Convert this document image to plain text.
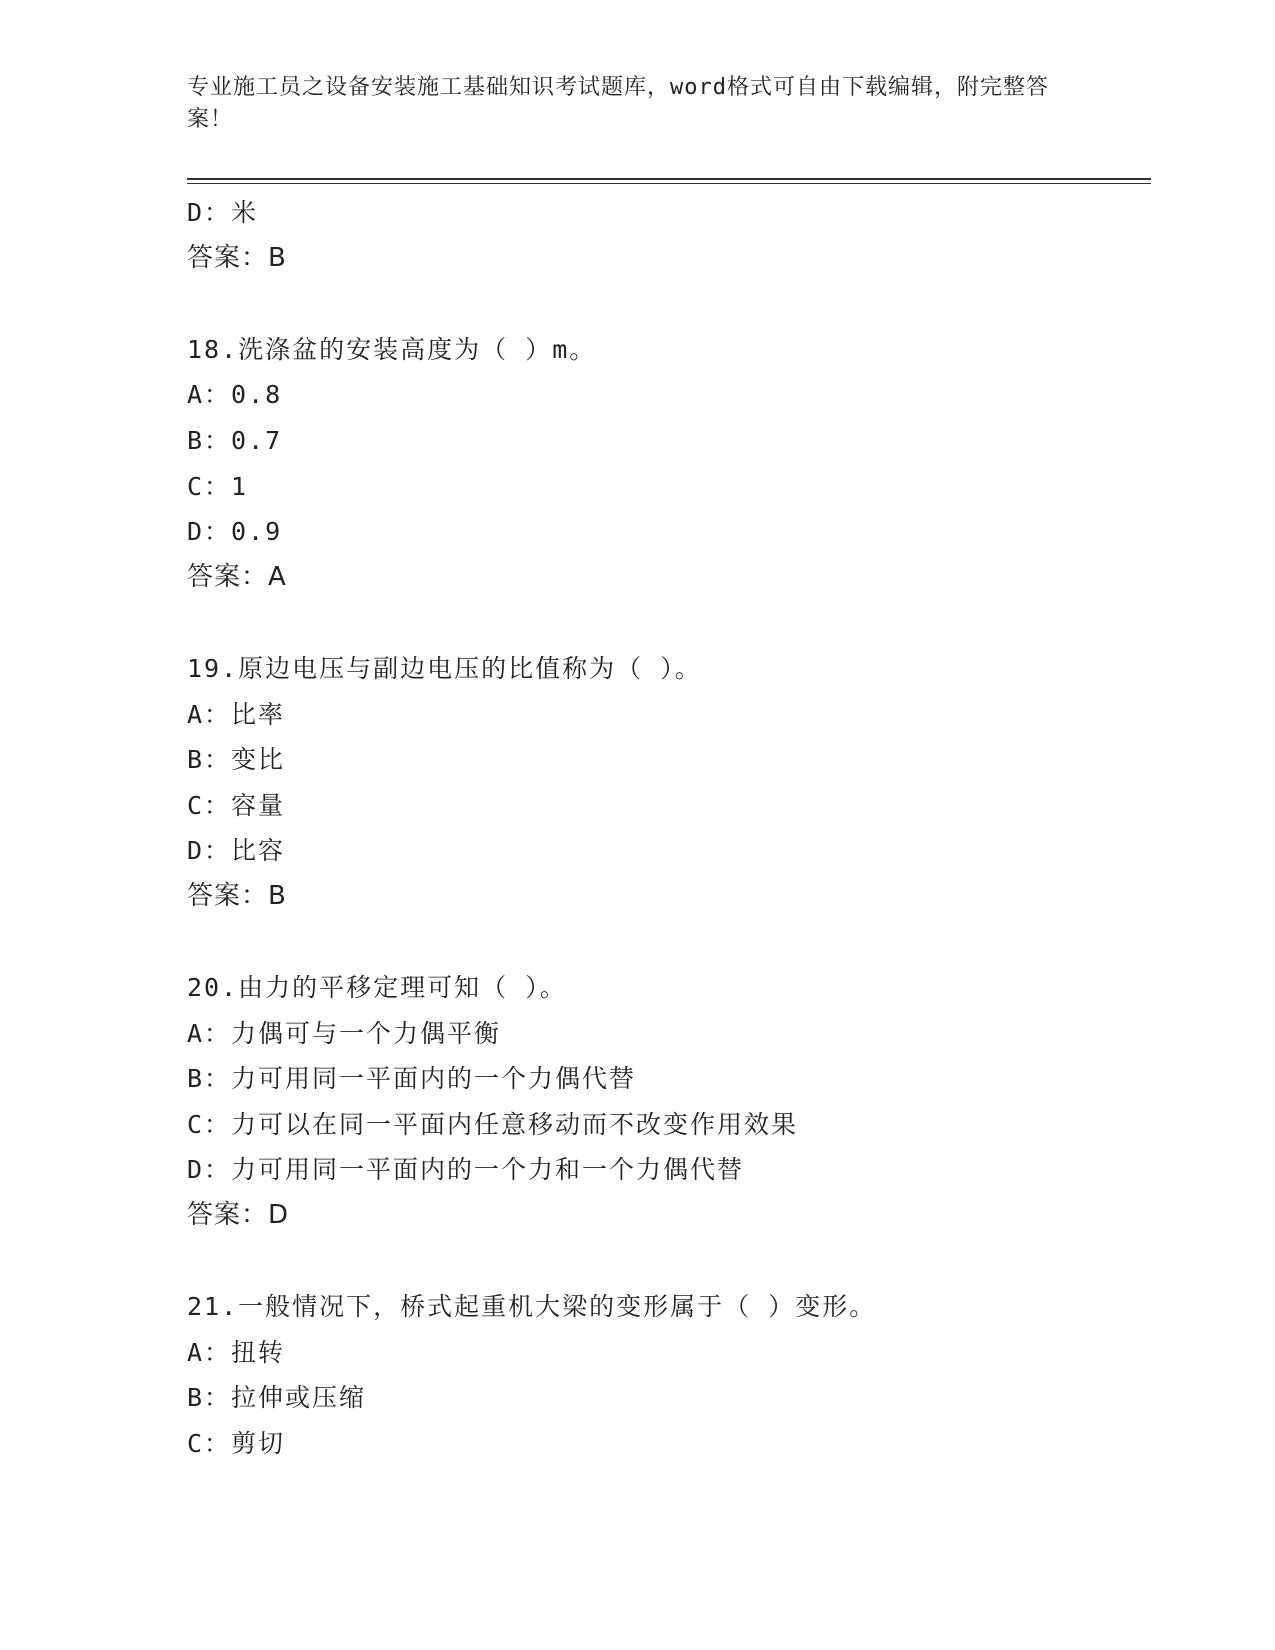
专业施工员之设备安装施工基础知识考试题库，word格式可自由下载编辑，附完整答案！
D：米
答案：B
18.洗涤盆的安装高度为（ ）m。
A：0.8
B：0.7
C：1
D：0.9
答案：A
19.原边电压与副边电压的比值称为（ ）。
A：比率
B：变比
C：容量
D：比容
答案：B
20.由力的平移定理可知（ ）。
A：力偶可与一个力偶平衡
B：力可用同一平面内的一个力偶代替
C：力可以在同一平面内任意移动而不改变作用效果
D：力可用同一平面内的一个力和一个力偶代替
答案：D
21.一般情况下，桥式起重机大梁的变形属于（ ）变形。
A：扭转
B：拉伸或压缩
C：剪切
